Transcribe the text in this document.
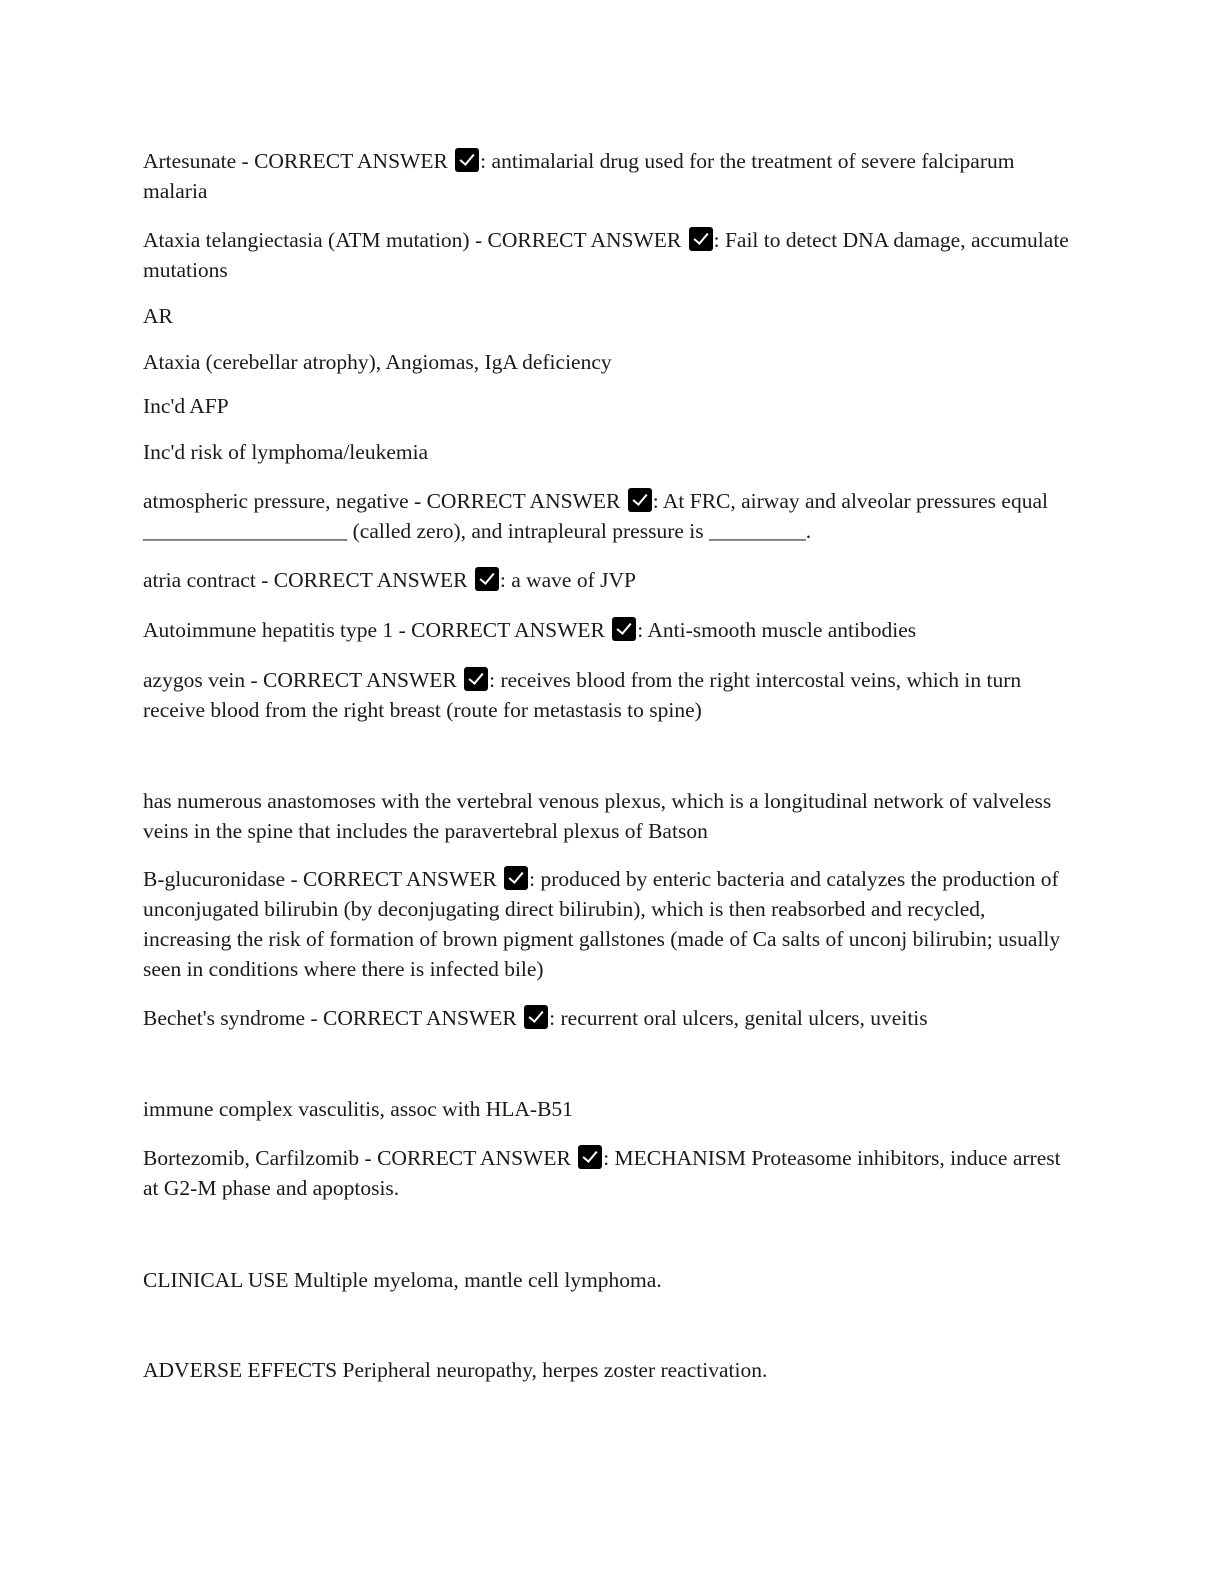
Artesunate - CORRECT ANSWER : antimalarial drug used for the treatment of severe falciparum malaria

Ataxia telangiectasia (ATM mutation) - CORRECT ANSWER : Fail to detect DNA damage, accumulate mutations

AR

Ataxia (cerebellar atrophy), Angiomas, IgA deficiency

Inc'd AFP

Inc'd risk of lymphoma/leukemia

atmospheric pressure, negative - CORRECT ANSWER : At FRC, airway and alveolar pressures equal ___________________ (called zero), and intrapleural pressure is _________.

atria contract - CORRECT ANSWER : a wave of JVP

Autoimmune hepatitis type 1 - CORRECT ANSWER : Anti-smooth muscle antibodies

azygos vein - CORRECT ANSWER : receives blood from the right intercostal veins, which in turn receive blood from the right breast (route for metastasis to spine)

has numerous anastomoses with the vertebral venous plexus, which is a longitudinal network of valveless veins in the spine that includes the paravertebral plexus of Batson

B-glucuronidase - CORRECT ANSWER : produced by enteric bacteria and catalyzes the production of unconjugated bilirubin (by deconjugating direct bilirubin), which is then reabsorbed and recycled, increasing the risk of formation of brown pigment gallstones (made of Ca salts of unconj bilirubin; usually seen in conditions where there is infected bile)

Bechet's syndrome - CORRECT ANSWER : recurrent oral ulcers, genital ulcers, uveitis

immune complex vasculitis, assoc with HLA-B51

Bortezomib, Carfilzomib - CORRECT ANSWER : MECHANISM Proteasome inhibitors, induce arrest at G2-M phase and apoptosis.

CLINICAL USE Multiple myeloma, mantle cell lymphoma.

ADVERSE EFFECTS Peripheral neuropathy, herpes zoster reactivation.
